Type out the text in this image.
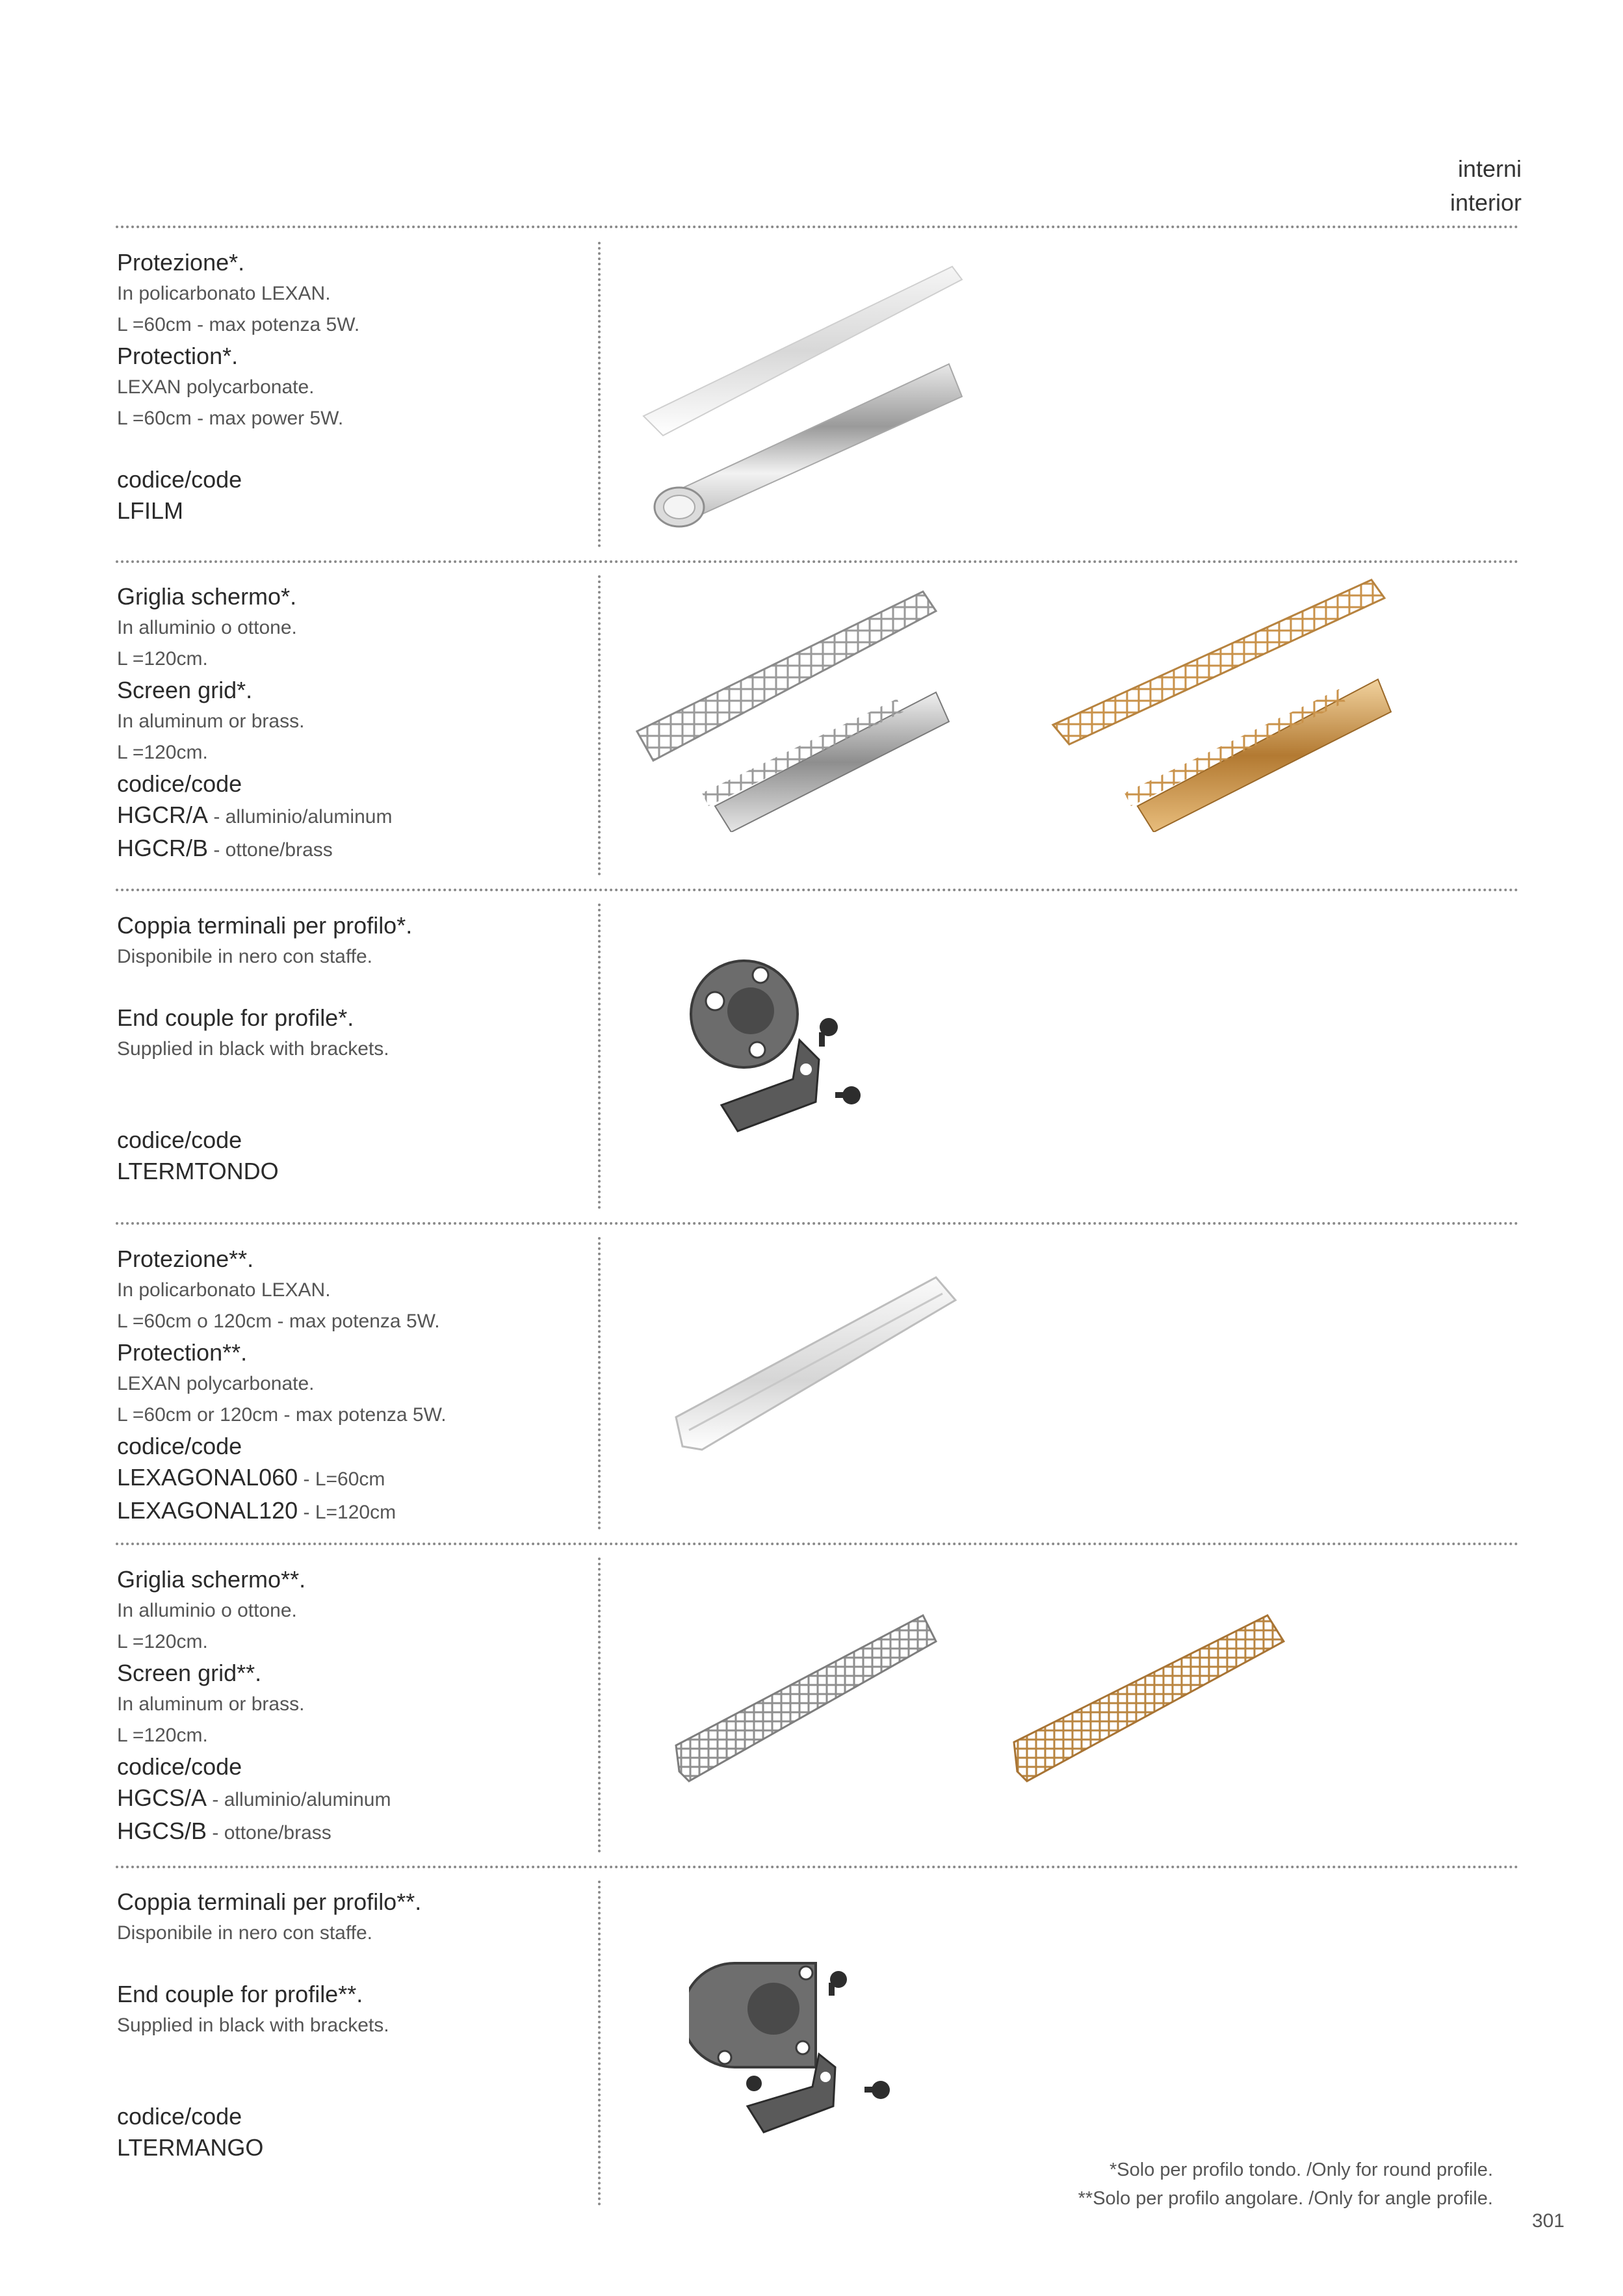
interni
interior
Protezione*.
In policarbonato LEXAN.
L =60cm - max potenza 5W.
Protection*.
LEXAN polycarbonate.
L =60cm - max power 5W.
codice/code
LFILM
Griglia schermo*.
In alluminio o ottone.
L =120cm.
Screen grid*.
In aluminum or brass.
L =120cm.
codice/code
HGCR/A - alluminio/aluminum
HGCR/B - ottone/brass
Coppia terminali per profilo*.
Disponibile in nero con staffe.
End couple for profile*.
Supplied in black with brackets.
codice/code
LTERMTONDO
Protezione**.
In policarbonato LEXAN.
L =60cm o 120cm - max potenza 5W.
Protection**.
LEXAN polycarbonate.
L =60cm or 120cm - max potenza 5W.
codice/code
LEXAGONAL060 - L=60cm
LEXAGONAL120 - L=120cm
Griglia schermo**.
In alluminio o ottone.
L =120cm.
Screen grid**.
In aluminum or brass.
L =120cm.
codice/code
HGCS/A - alluminio/aluminum
HGCS/B - ottone/brass
Coppia terminali per profilo**.
Disponibile in nero con staffe.
End couple for profile**.
Supplied in black with brackets.
codice/code
LTERMANGO
*Solo per profilo tondo. /Only for round profile.
**Solo per profilo angolare. /Only for angle profile.
301
